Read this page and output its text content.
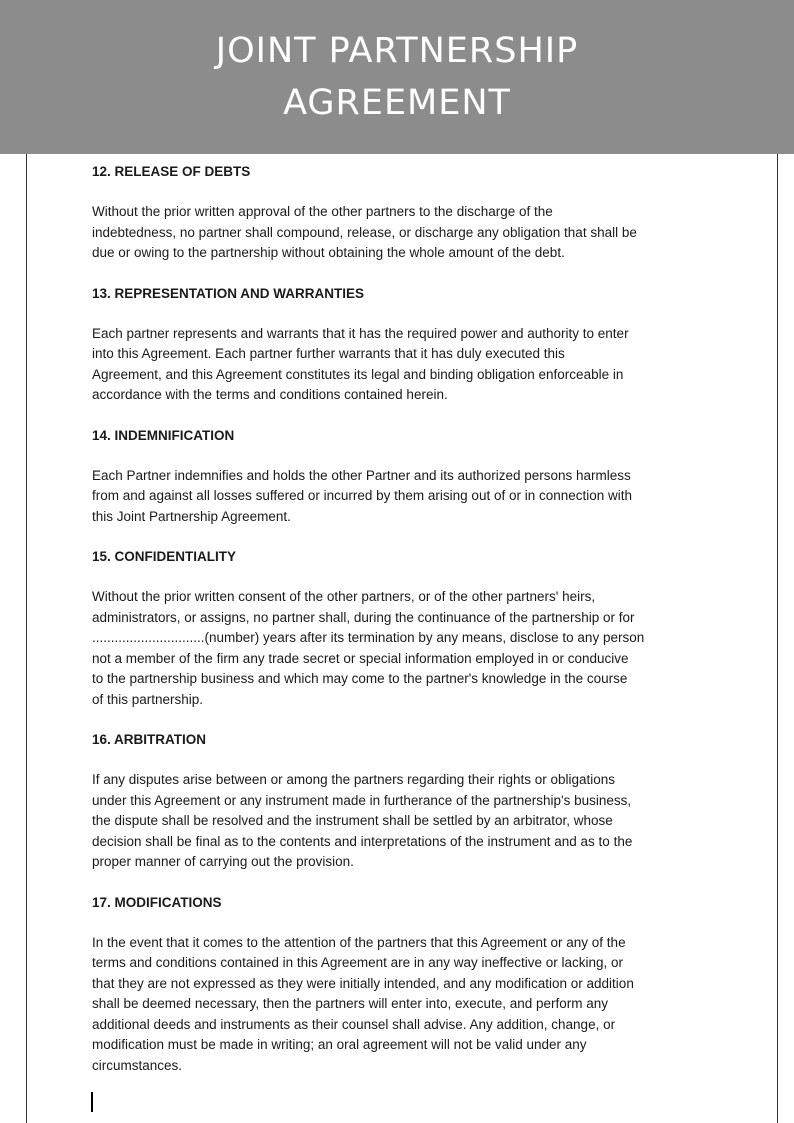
JOINT PARTNERSHIP
AGREEMENT
12. RELEASE OF DEBTS
Without the prior written approval of the other partners to the discharge of the
indebtedness, no partner shall compound, release, or discharge any obligation that shall be
due or owing to the partnership without obtaining the whole amount of the debt.
13. REPRESENTATION AND WARRANTIES
Each partner represents and warrants that it has the required power and authority to enter
into this Agreement. Each partner further warrants that it has duly executed this
Agreement, and this Agreement constitutes its legal and binding obligation enforceable in
accordance with the terms and conditions contained herein.
14. INDEMNIFICATION
Each Partner indemnifies and holds the other Partner and its authorized persons harmless
from and against all losses suffered or incurred by them arising out of or in connection with
this Joint Partnership Agreement.
15. CONFIDENTIALITY
Without the prior written consent of the other partners, or of the other partners' heirs,
administrators, or assigns, no partner shall, during the continuance of the partnership or for
..............................(number) years after its termination by any means, disclose to any person
not a member of the firm any trade secret or special information employed in or conducive
to the partnership business and which may come to the partner's knowledge in the course
of this partnership.
16. ARBITRATION
If any disputes arise between or among the partners regarding their rights or obligations
under this Agreement or any instrument made in furtherance of the partnership's business,
the dispute shall be resolved and the instrument shall be settled by an arbitrator, whose
decision shall be final as to the contents and interpretations of the instrument and as to the
proper manner of carrying out the provision.
17. MODIFICATIONS
In the event that it comes to the attention of the partners that this Agreement or any of the
terms and conditions contained in this Agreement are in any way ineffective or lacking, or
that they are not expressed as they were initially intended, and any modification or addition
shall be deemed necessary, then the partners will enter into, execute, and perform any
additional deeds and instruments as their counsel shall advise. Any addition, change, or
modification must be made in writing; an oral agreement will not be valid under any
circumstances.
